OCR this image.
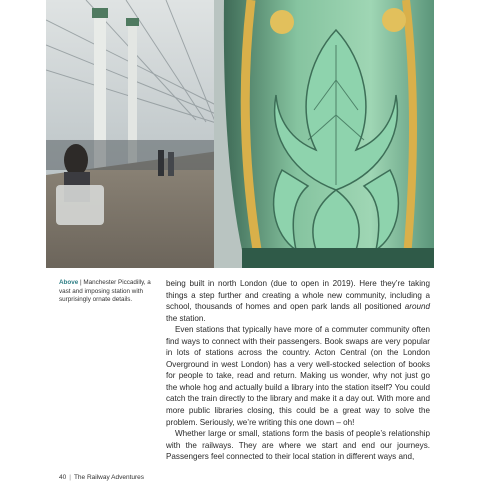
Above | Manchester Piccadilly, a vast and imposing station with surprisingly ornate details.

being built in north London (due to open in 2019). Here they’re taking things a step further and creating a whole new community, including a school, thousands of homes and open park lands all positioned around the station.

Even stations that typically have more of a commuter community often find ways to connect with their passengers. Book swaps are very popular in lots of stations across the country. Acton Central (on the London Overground in west London) has a very well-stocked selection of books for people to take, read and return. Making us wonder, why not just go the whole hog and actually build a library into the station itself? You could catch the train directly to the library and make it a day out. With more and more public libraries closing, this could be a great way to solve the problem. Seriously, we’re writing this one down – oh!

Whether large or small, stations form the basis of people’s relationship with the railways. They are where we start and end our journeys. Passengers feel connected to their local station in different ways and,

40 | The Railway Adventures
